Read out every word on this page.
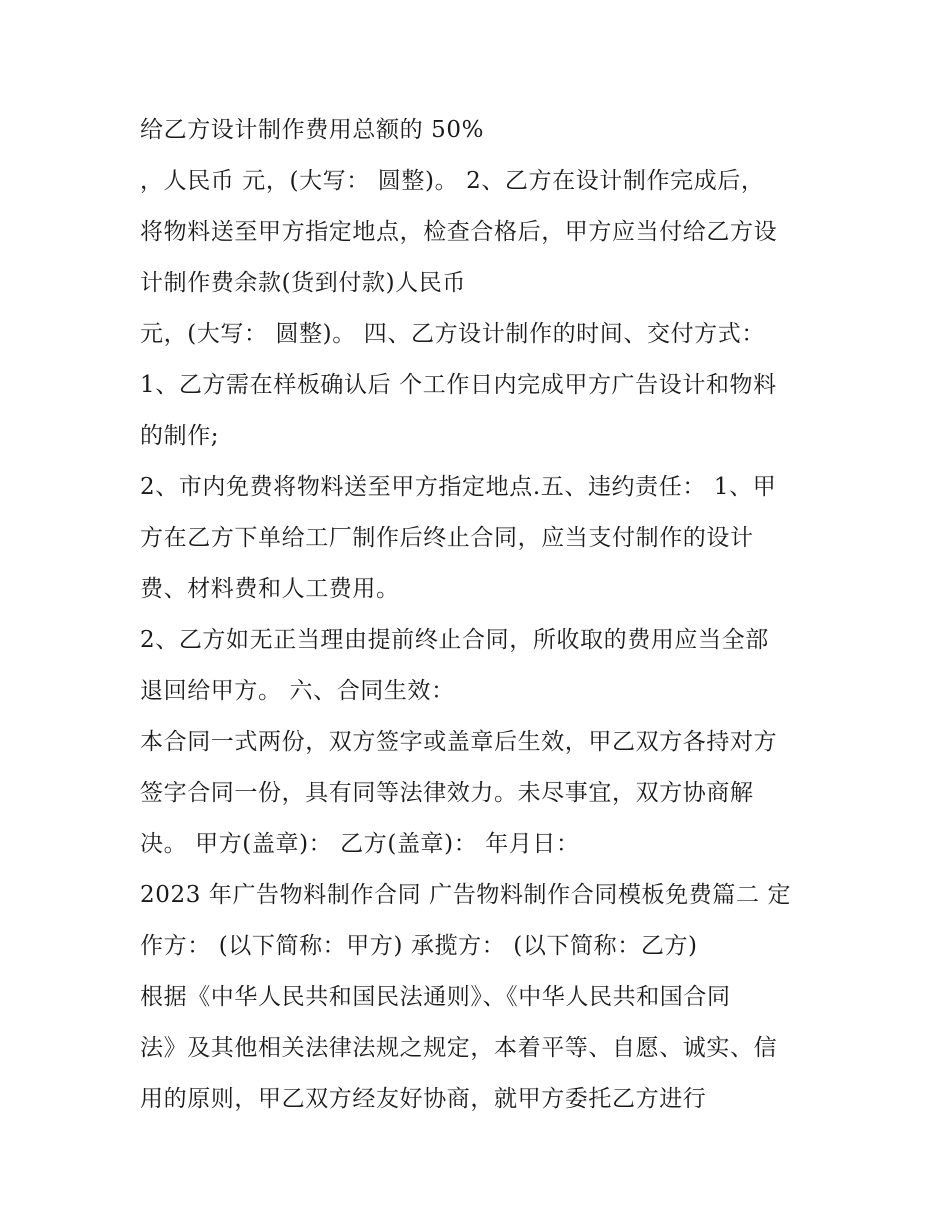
给乙方设计制作费用总额的 50%
，人民币 元，(大写： 圆整)。 2、乙方在设计制作完成后，
将物料送至甲方指定地点，检查合格后，甲方应当付给乙方设
计制作费余款(货到付款)人民币
元，(大写： 圆整)。 四、乙方设计制作的时间、交付方式：
1、乙方需在样板确认后 个工作日内完成甲方广告设计和物料
的制作;
2、市内免费将物料送至甲方指定地点.五、违约责任： 1、甲
方在乙方下单给工厂制作后终止合同，应当支付制作的设计
费、材料费和人工费用。
2、乙方如无正当理由提前终止合同，所收取的费用应当全部
退回给甲方。 六、合同生效：
本合同一式两份，双方签字或盖章后生效，甲乙双方各持对方
签字合同一份，具有同等法律效力。未尽事宜，双方协商解
决。 甲方(盖章)： 乙方(盖章)： 年月日：
2023 年广告物料制作合同 广告物料制作合同模板免费篇二 定
作方： (以下简称：甲方) 承揽方： (以下简称：乙方)
根据《中华人民共和国民法通则》、《中华人民共和国合同
法》及其他相关法律法规之规定，本着平等、自愿、诚实、信
用的原则，甲乙双方经友好协商，就甲方委托乙方进行
